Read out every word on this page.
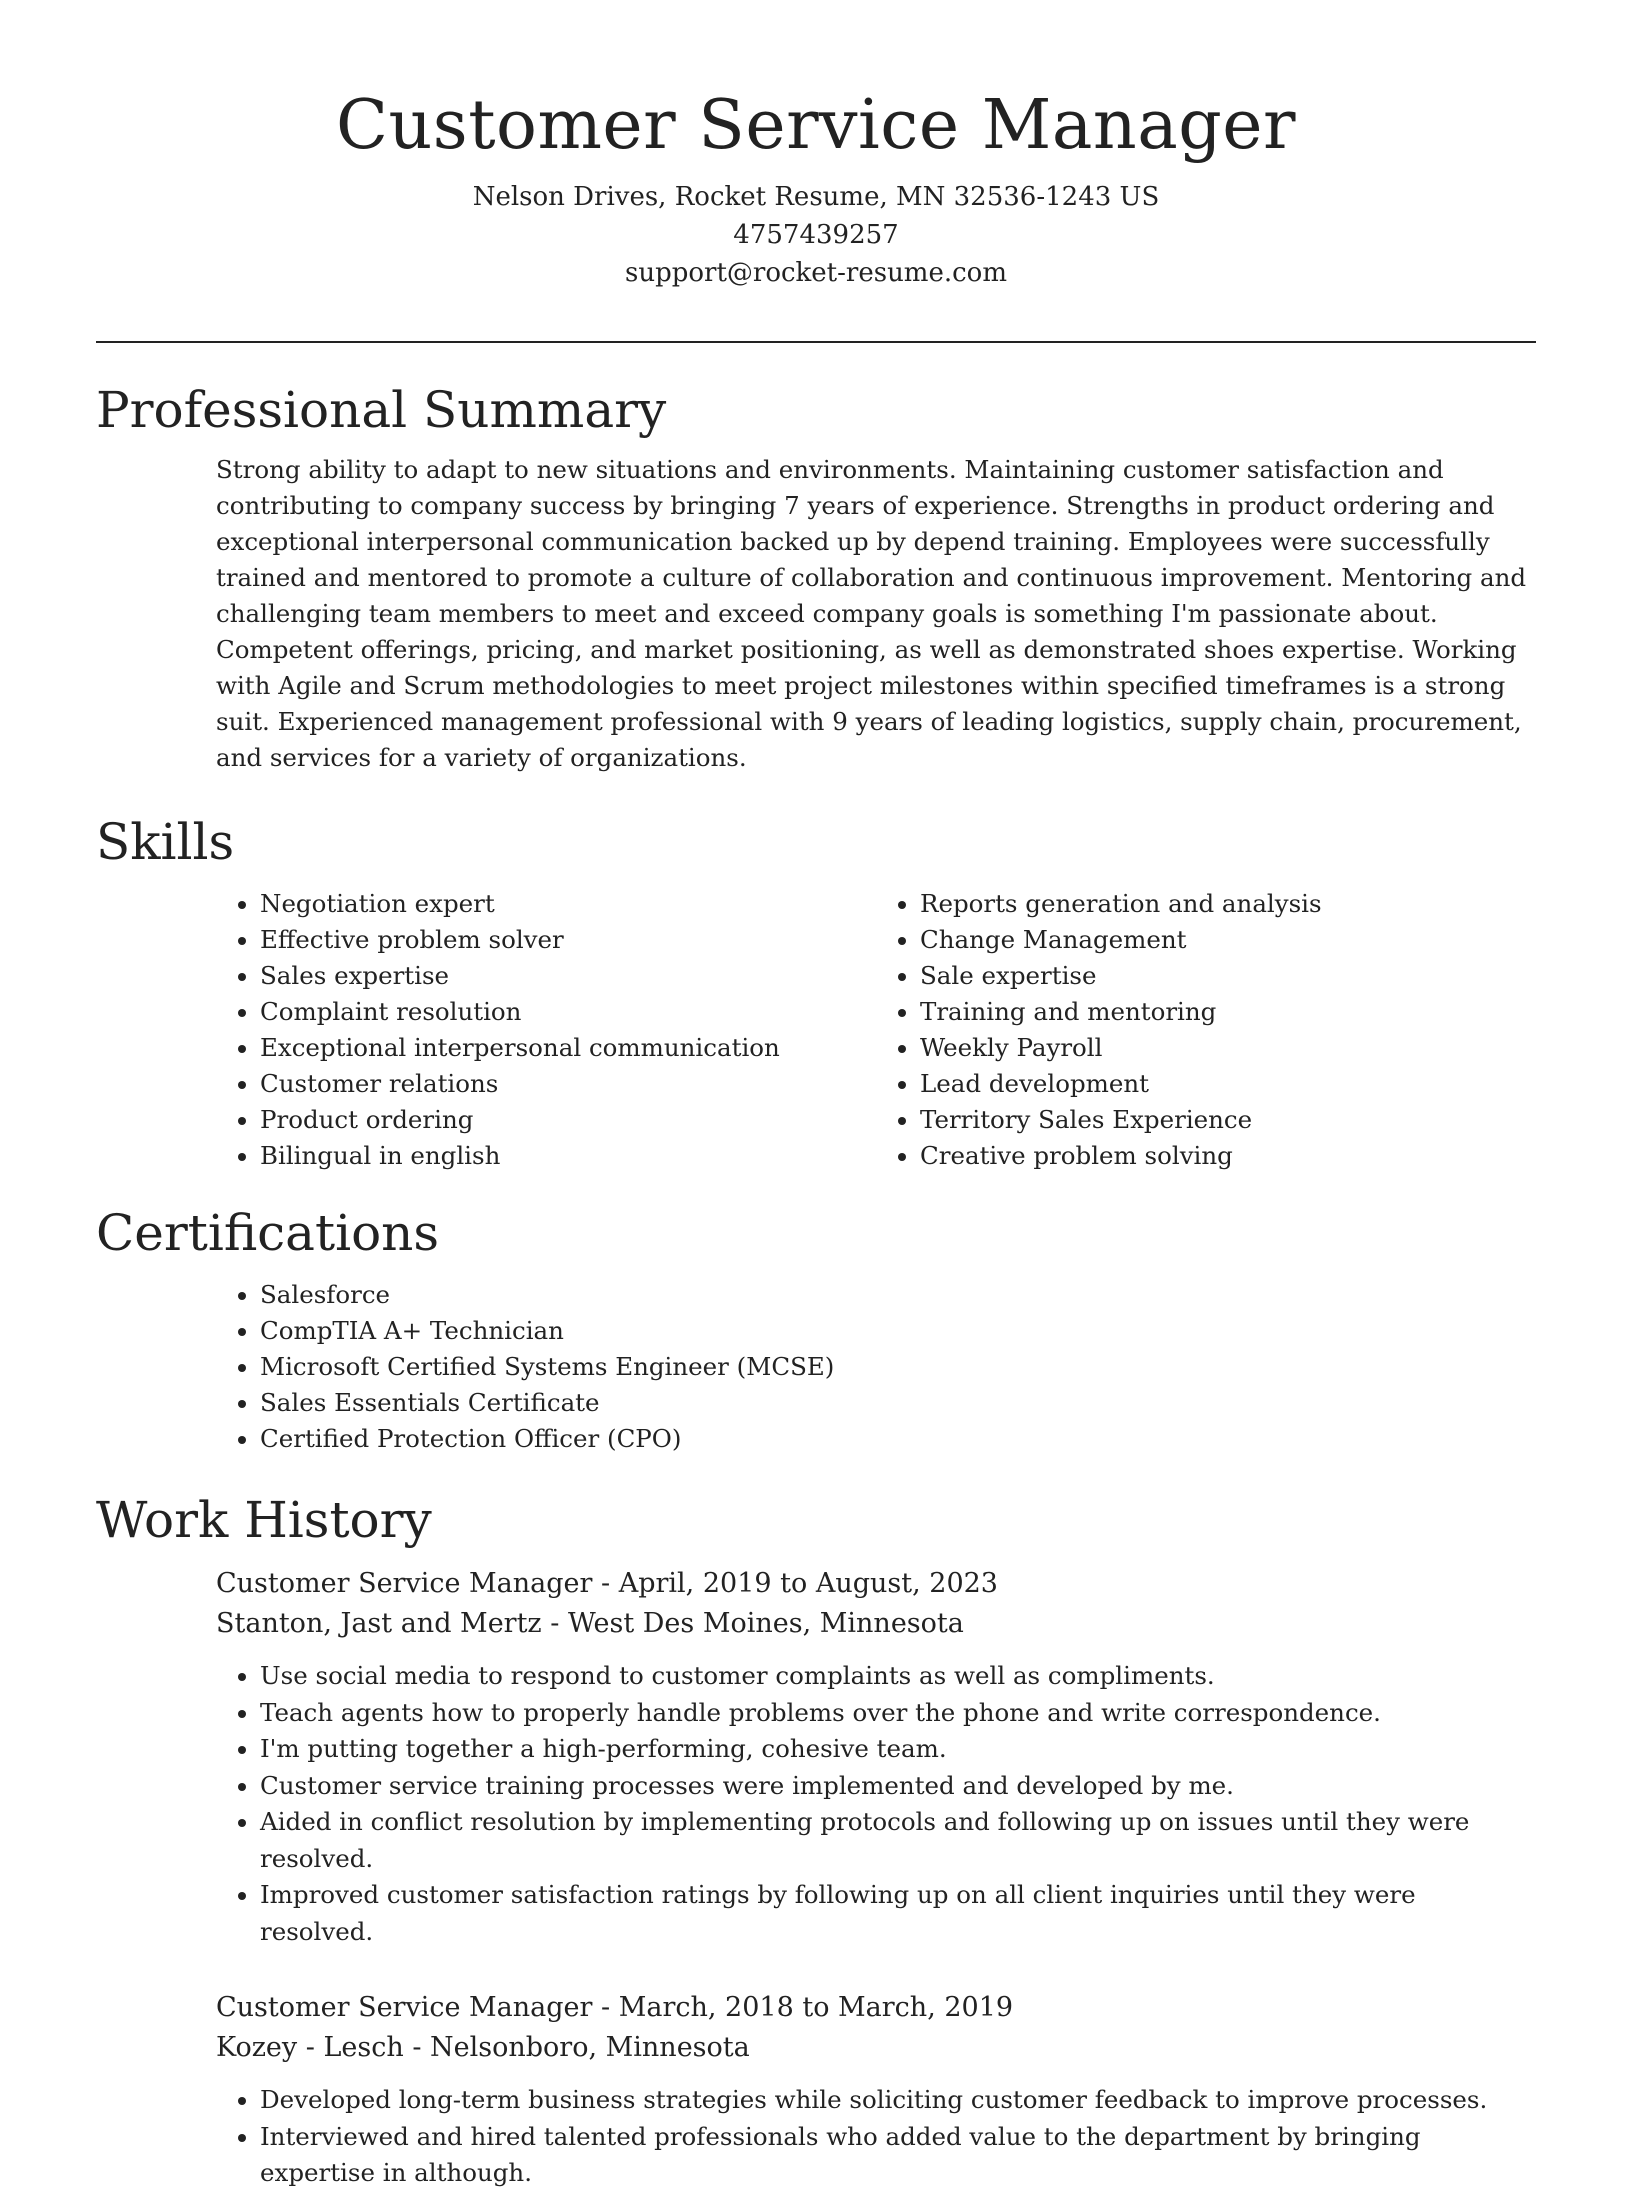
Customer Service Manager
Nelson Drives, Rocket Resume, MN 32536-1243 US
4757439257
support@rocket-resume.com
Professional Summary
Strong ability to adapt to new situations and environments. Maintaining customer satisfaction and contributing to company success by bringing 7 years of experience. Strengths in product ordering and exceptional interpersonal communication backed up by depend training. Employees were successfully trained and mentored to promote a culture of collaboration and continuous improvement. Mentoring and challenging team members to meet and exceed company goals is something I'm passionate about. Competent offerings, pricing, and market positioning, as well as demonstrated shoes expertise. Working with Agile and Scrum methodologies to meet project milestones within specified timeframes is a strong suit. Experienced management professional with 9 years of leading logistics, supply chain, procurement, and services for a variety of organizations.
Skills
• Negotiation expert
• Effective problem solver
• Sales expertise
• Complaint resolution
• Exceptional interpersonal communication
• Customer relations
• Product ordering
• Bilingual in english
• Reports generation and analysis
• Change Management
• Sale expertise
• Training and mentoring
• Weekly Payroll
• Lead development
• Territory Sales Experience
• Creative problem solving
Certifications
• Salesforce
• CompTIA A+ Technician
• Microsoft Certified Systems Engineer (MCSE)
• Sales Essentials Certificate
• Certified Protection Officer (CPO)
Work History
Customer Service Manager - April, 2019 to August, 2023
Stanton, Jast and Mertz - West Des Moines, Minnesota
• Use social media to respond to customer complaints as well as compliments.
• Teach agents how to properly handle problems over the phone and write correspondence.
• I'm putting together a high-performing, cohesive team.
• Customer service training processes were implemented and developed by me.
• Aided in conflict resolution by implementing protocols and following up on issues until they were resolved.
• Improved customer satisfaction ratings by following up on all client inquiries until they were resolved.
Customer Service Manager - March, 2018 to March, 2019
Kozey - Lesch - Nelsonboro, Minnesota
• Developed long-term business strategies while soliciting customer feedback to improve processes.
• Interviewed and hired talented professionals who added value to the department by bringing expertise in although.
